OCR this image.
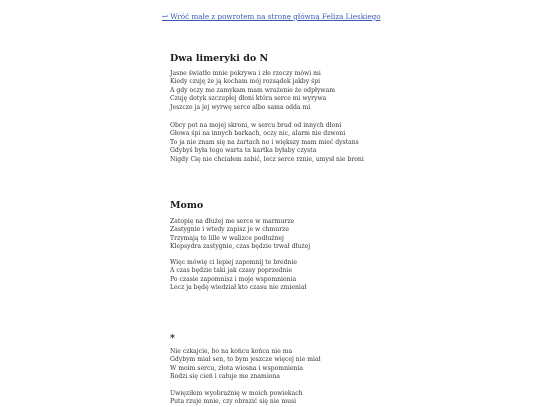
↩ Wróć małe z powrotem na stronę główną Feliza Lieskiego
Dwa limeryki do N

Jasne światło mnie pokrywa i złe rzeczy mówi mi
Kiedy czuję że ją kocham mój rozsądek jakby śpi
A gdy oczy me zamykam mam wrażenie że odpływam
Czuję dotyk szczupłej dłoni która serce mi wyrywa
Jeszcze ja jej wyrwę serce albo sama odda mi

Obcy pot na mojej skroni, w sercu brud od innych dłoni
Głowa śpi na innych barkach, oczy nic, alarm nie dzwoni
To ja nie znam się na żartach no i większy mam mieć dystans
Gdybyś była tego warta ta kartka byłaby czysta
Nigdy Cię nie chciałem zabić, lecz serce rznie, umysł nie broni

Momo

Zatopię na dłużej me serce w marmurze
Zastygnie i wtedy zapisz je w chmurze
Trzymają te lille w walizce podłużnej
Klepsydra zastygnie, czas będzie trwał dłużej

Więc mówię ci lepiej zapomnij te brednie
A czas będzie taki jak czasy poprzednie
Po czasie zapomnisz i moje wspomnienia
Lecz ja będę wiedział kto czasu nie zmieniał

*

Nie czkajcie, bo na końcu końca nie ma
Gdybym miał sen, to bym jeszcze więcej nie miał
W moim sercu, złota wiosna i wspomnienia
Rodzi się cień i całuje me znamiona

Uwięziłem wyobraźnię w moich powiekach
Puta rzuje mnie, czy obrazić się nie musi
